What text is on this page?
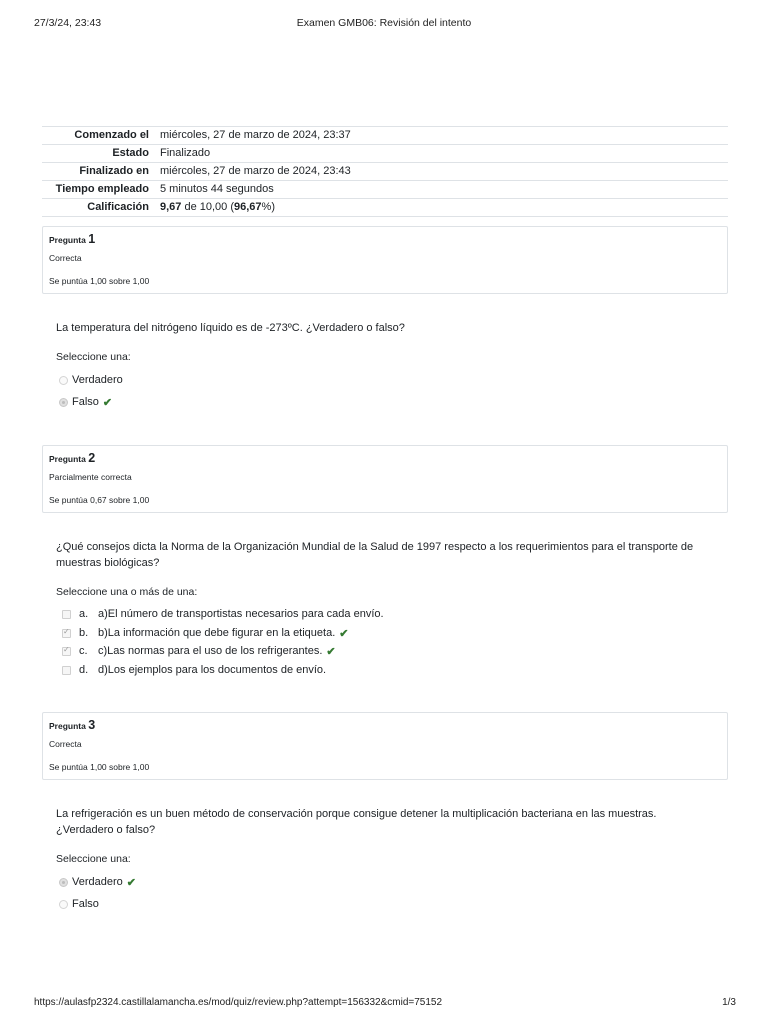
27/3/24, 23:43	Examen GMB06: Revisión del intento
Comenzado el	miércoles, 27 de marzo de 2024, 23:37
Estado	Finalizado
Finalizado en	miércoles, 27 de marzo de 2024, 23:43
Tiempo empleado	5 minutos 44 segundos
Calificación	9,67 de 10,00 (96,67%)
Pregunta 1
Correcta
Se puntúa 1,00 sobre 1,00
La temperatura del nitrógeno líquido es de -273ºC. ¿Verdadero o falso?
Seleccione una:
Verdadero
Falso ✔
Pregunta 2
Parcialmente correcta
Se puntúa 0,67 sobre 1,00
¿Qué consejos dicta la Norma de la Organización Mundial de la Salud de 1997 respecto a los requerimientos para el transporte de muestras biológicas?
Seleccione una o más de una:
a. a)El número de transportistas necesarios para cada envío.
✓
b. b)La información que debe figurar en la etiqueta. ✔
✓
c. c)Las normas para el uso de los refrigerantes. ✔
d. d)Los ejemplos para los documentos de envío.
Pregunta 3
Correcta
Se puntúa 1,00 sobre 1,00
La refrigeración es un buen método de conservación porque consigue detener la multiplicación bacteriana en las muestras. ¿Verdadero o falso?
Seleccione una:
Verdadero ✔
Falso
https://aulasfp2324.castillalamancha.es/mod/quiz/review.php?attempt=156332&cmid=75152	1/3
